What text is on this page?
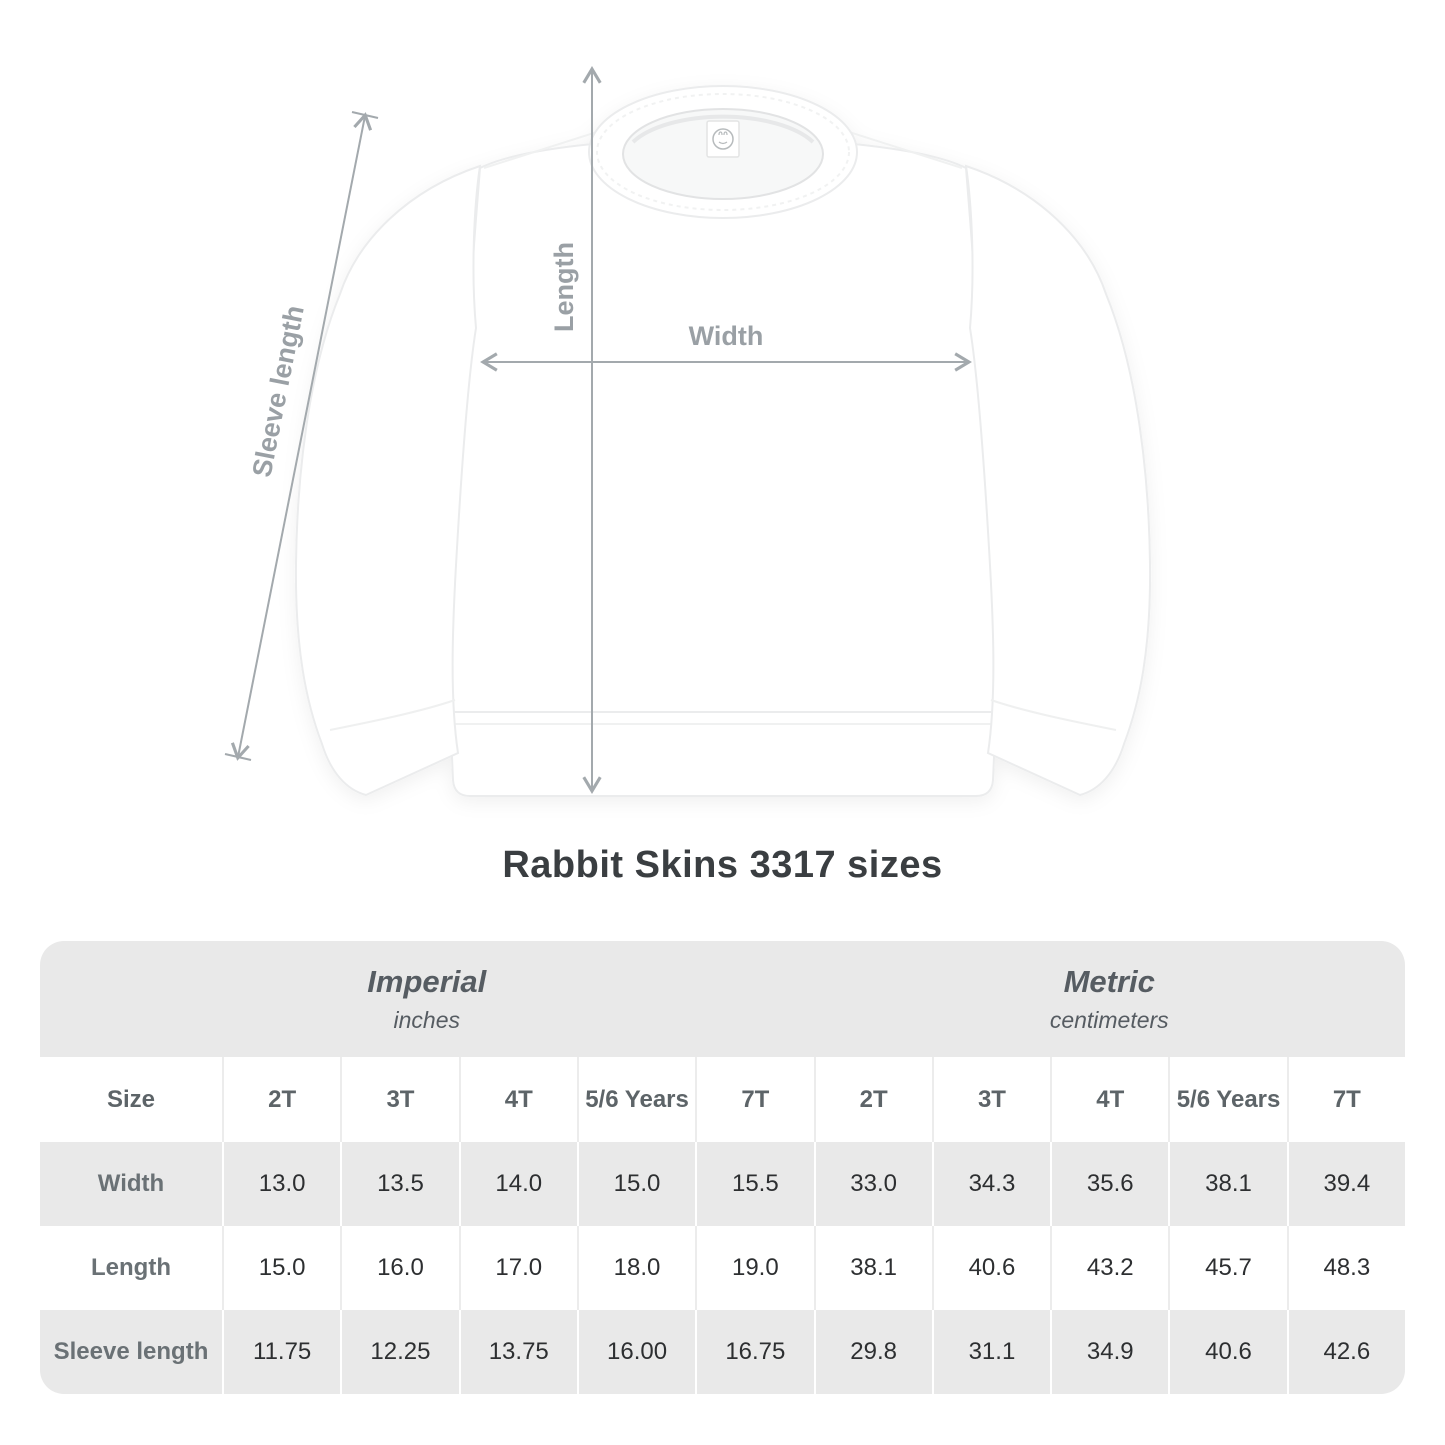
Sleeve length
Length
Width
Rabbit Skins 3317 sizes
Imperial
inches
Metric
centimeters
Size	2T	3T	4T	5/6 Years	7T	2T	3T	4T	5/6 Years	7T
Width	13.0	13.5	14.0	15.0	15.5	33.0	34.3	35.6	38.1	39.4
Length	15.0	16.0	17.0	18.0	19.0	38.1	40.6	43.2	45.7	48.3
Sleeve length	11.75	12.25	13.75	16.00	16.75	29.8	31.1	34.9	40.6	42.6
